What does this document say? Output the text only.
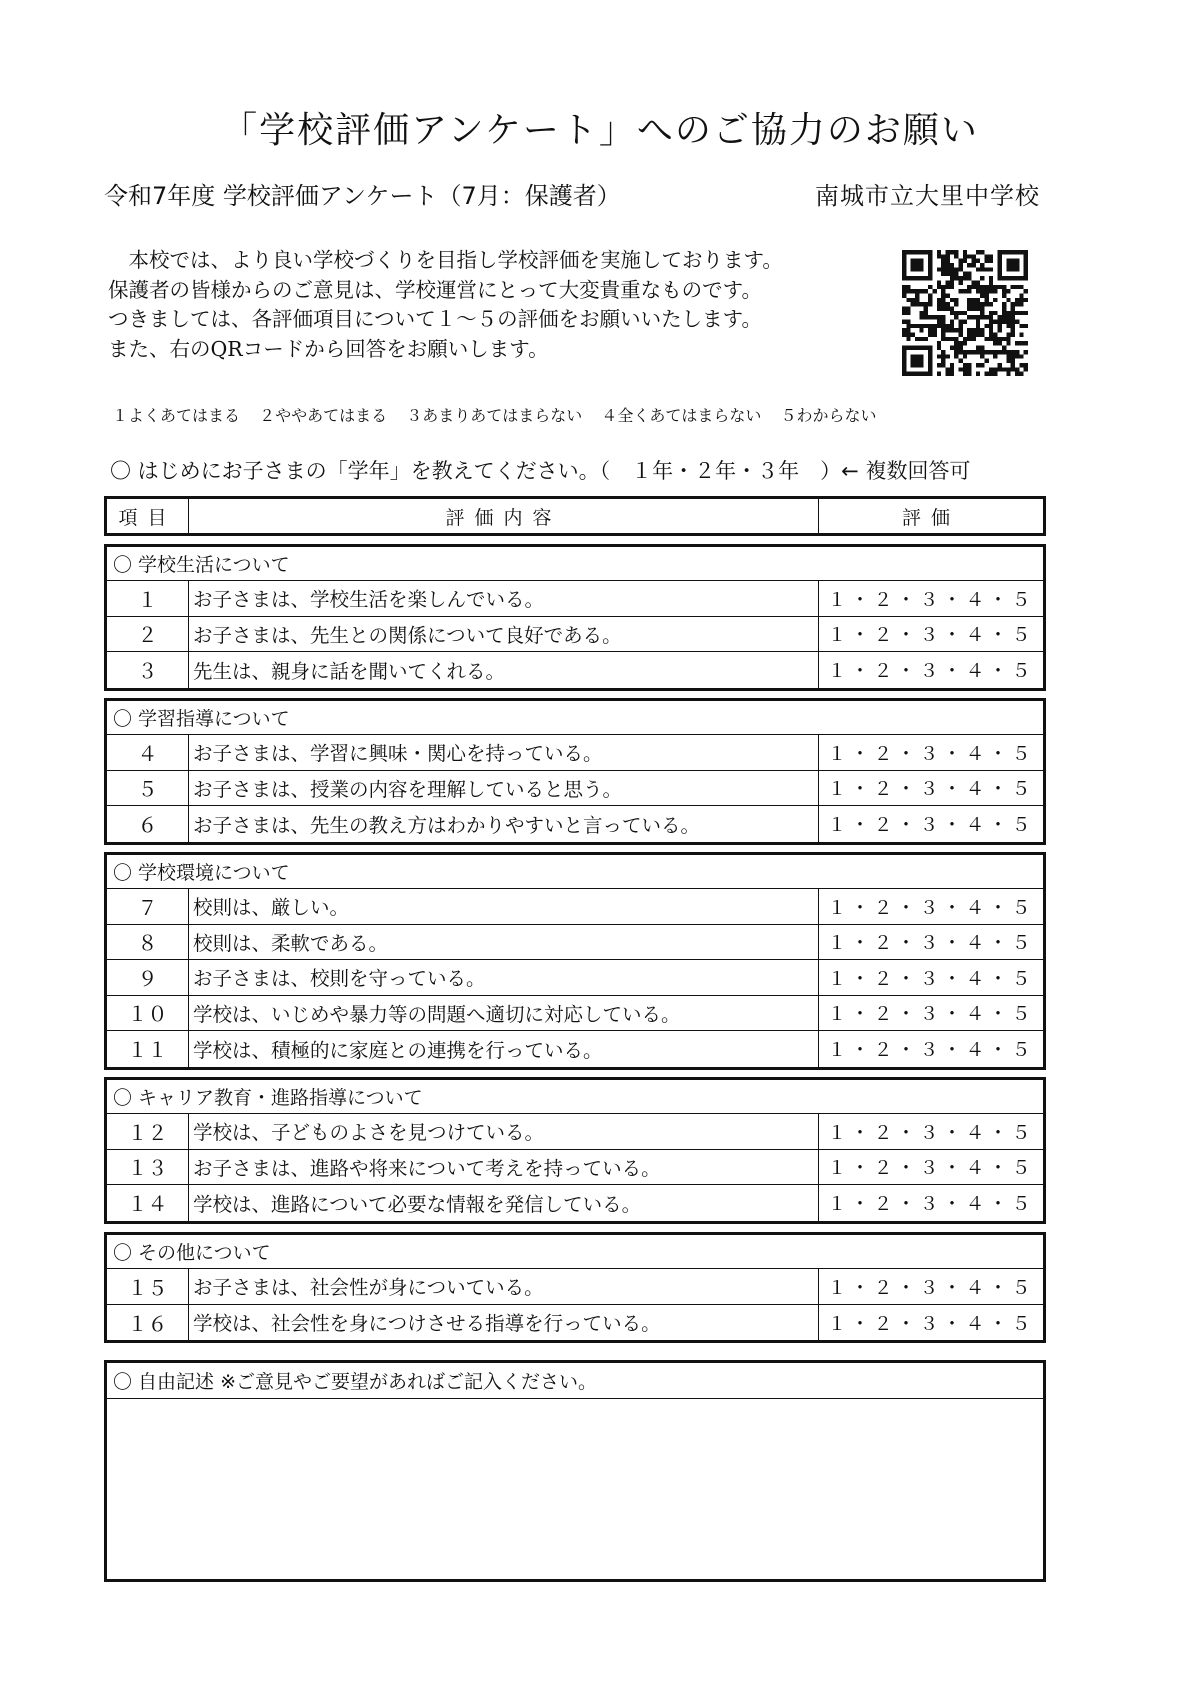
「学校評価アンケート」へのご協力のお願い
令和7年度 学校評価アンケート（7月：保護者）	南城市立大里中学校

　本校では、より良い学校づくりを目指し学校評価を実施しております。

保護者の皆様からのご意見は、学校運営にとって大変貴重なものです。

つきましては、各評価項目について１～５の評価をお願いいたします。

また、右のQRコードから回答をお願いします。

１よくあてはまる ２ややあてはまる ３あまりあてはまらない ４全くあてはまらない ５わからない
〇 はじめにお子さまの「学年」を教えてください。（　１年・２年・３年　）← 複数回答可
項目	評価内容	評価
〇 学校生活について
１	お子さまは、学校生活を楽しんでいる。	１・２・３・４・５
２	お子さまは、先生との関係について良好である。	１・２・３・４・５
３	先生は、親身に話を聞いてくれる。	１・２・３・４・５
〇 学習指導について
４	お子さまは、学習に興味・関心を持っている。	１・２・３・４・５
５	お子さまは、授業の内容を理解していると思う。	１・２・３・４・５
６	お子さまは、先生の教え方はわかりやすいと言っている。	１・２・３・４・５
〇 学校環境について
７	校則は、厳しい。	１・２・３・４・５
８	校則は、柔軟である。	１・２・３・４・５
９	お子さまは、校則を守っている。	１・２・３・４・５
１０	学校は、いじめや暴力等の問題へ適切に対応している。	１・２・３・４・５
１１	学校は、積極的に家庭との連携を行っている。	１・２・３・４・５
〇 キャリア教育・進路指導について
１２	学校は、子どものよさを見つけている。	１・２・３・４・５
１３	お子さまは、進路や将来について考えを持っている。	１・２・３・４・５
１４	学校は、進路について必要な情報を発信している。	１・２・３・４・５
〇 その他について
１５	お子さまは、社会性が身についている。	１・２・３・４・５
１６	学校は、社会性を身につけさせる指導を行っている。	１・２・３・４・５
〇 自由記述 ※ご意見やご要望があればご記入ください。
